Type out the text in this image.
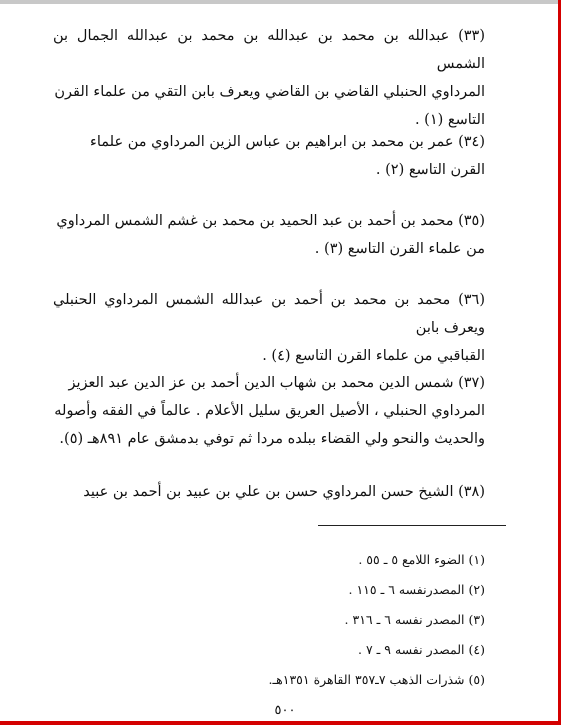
(٣٣) عبدالله بن محمد بن عبدالله بن محمد بن عبدالله الجمال بن الشمس

المرداوي الحنبلي القاضي بن القاضي ويعرف بابن التقي من علماء القرن

التاسع (١) .

(٣٤) عمر بن محمد بن ابراهيم بن عباس الزين المرداوي من علماء

القرن التاسع (٢) .

(٣٥) محمد بن أحمد بن عبد الحميد بن محمد بن غشم الشمس المرداوي

من علماء القرن التاسع (٣) .

(٣٦) محمد بن محمد بن أحمد بن عبدالله الشمس المرداوي الحنبلي ويعرف بابن

القباقبي من علماء القرن التاسع (٤) .

(٣٧) شمس الدين محمد بن شهاب الدين أحمد بن عز الدين عبد العزيز

المرداوي الحنبلي ، الأصيل العريق سليل الأعلام . عالماً في الفقه وأصوله

والحديث والنحو ولي القضاء ببلده مردا ثم توفي بدمشق عام ٨٩١هـ (٥).

(٣٨) الشيخ حسن المرداوي حسن بن علي بن عبيد بن أحمد بن عبيد

(١) الضوء اللامع ٥ ـ ٥٥ .
(٢) المصدرنفسه ٦ ـ ١١٥ .
(٣) المصدر نفسه ٦ ـ ٣١٦ .
(٤) المصدر نفسه ٩ ـ ٧ .
(٥) شذرات الذهب ٧ـ٣٥٧ القاهرة ١٣٥١هـ.
٥٠٠
